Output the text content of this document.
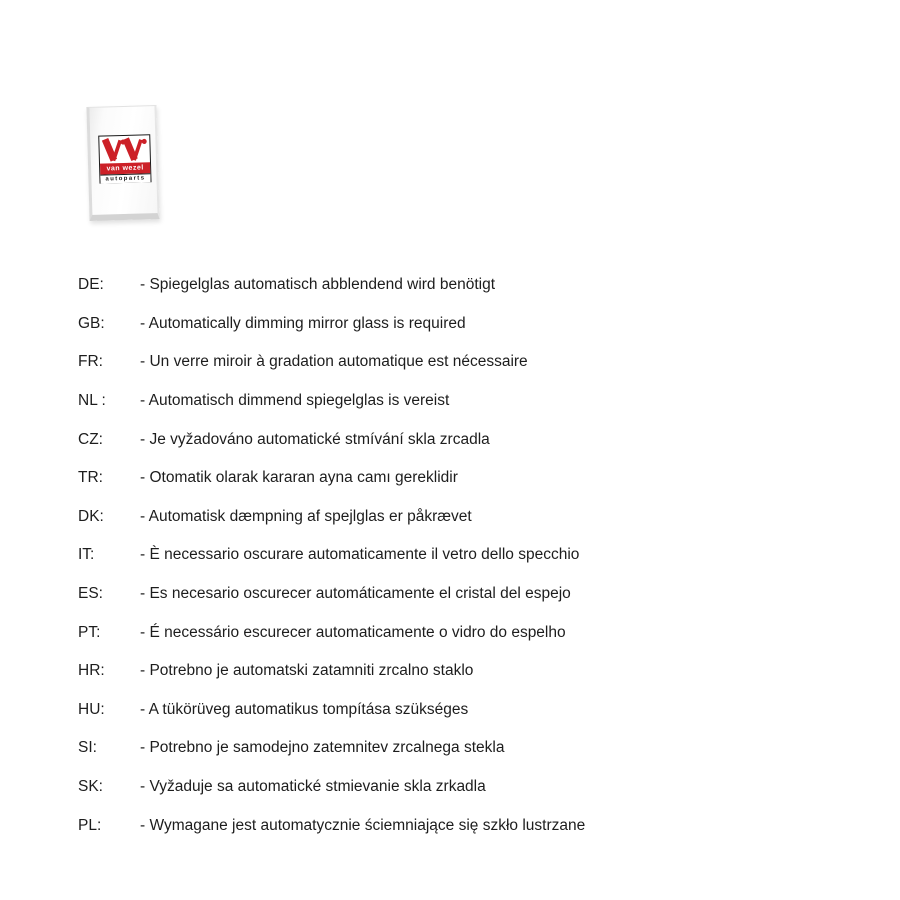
van wezel
autoparts
DE:	- Spiegelglas automatisch abblendend wird benötigt
GB:	- Automatically dimming mirror glass is required
FR:	- Un verre miroir à gradation automatique est nécessaire
NL :	- Automatisch dimmend spiegelglas is vereist
CZ:	- Je vyžadováno automatické stmívání skla zrcadla
TR:	- Otomatik olarak kararan ayna camı gereklidir
DK:	- Automatisk dæmpning af spejlglas er påkrævet
IT:	- È necessario oscurare automaticamente il vetro dello specchio
ES:	- Es necesario oscurecer automáticamente el cristal del espejo
PT:	- É necessário escurecer automaticamente o vidro do espelho
HR:	- Potrebno je automatski zatamniti zrcalno staklo
HU:	- A tükörüveg automatikus tompítása szükséges
SI:	- Potrebno je samodejno zatemnitev zrcalnega stekla
SK:	- Vyžaduje sa automatické stmievanie skla zrkadla
PL:	- Wymagane jest automatycznie ściemniające się szkło lustrzane
